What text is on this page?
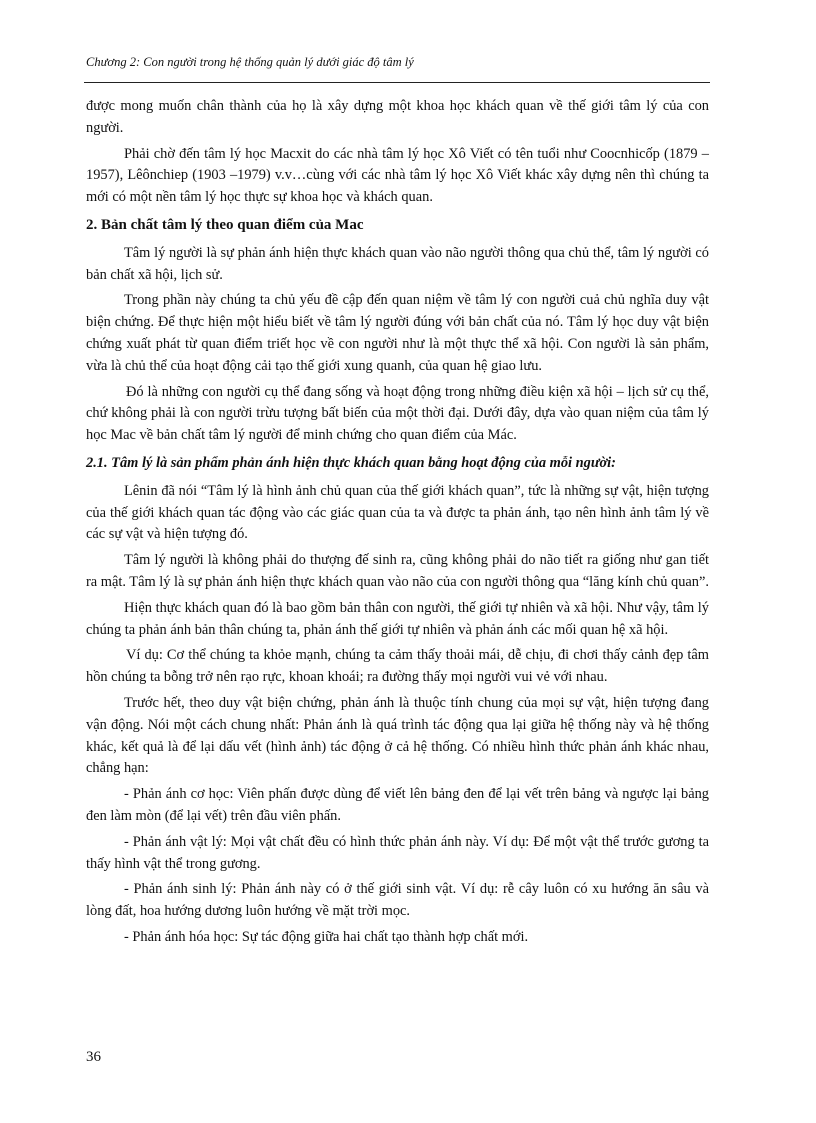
Chương 2: Con người trong hệ thống quản lý dưới giác độ tâm lý

được mong muốn chân thành của họ là xây dựng một khoa học khách quan về thế giới tâm lý của con người.

Phải chờ đến tâm lý học Macxit do các nhà tâm lý học Xô Viết có tên tuổi như Coocnhicốp (1879 –1957), Lêônchiep (1903 –1979) v.v…cùng với các nhà tâm lý học Xô Viết khác xây dựng nên thì chúng ta mới có một nền tâm lý học thực sự khoa học và khách quan.

2. Bản chất tâm lý theo quan điểm của Mac

Tâm lý người là sự phản ánh hiện thực khách quan vào não người thông qua chủ thể, tâm lý người có bản chất xã hội, lịch sử.

Trong phần này chúng ta chủ yếu đề cập đến quan niệm về tâm lý con người cuả chủ nghĩa duy vật biện chứng. Để thực hiện một hiểu biết về tâm lý người đúng với bản chất của nó. Tâm lý học duy vật biện chứng xuất phát từ quan điểm triết học về con người như là một thực thể xã hội. Con người là sản phẩm, vừa là chủ thể của hoạt động cải tạo thế giới xung quanh, của quan hệ giao lưu.

Đó là những con người cụ thể đang sống và hoạt động trong những điều kiện xã hội – lịch sử cụ thể, chứ không phải là con người trừu tượng bất biến của một thời đại. Dưới đây, dựa vào quan niệm của tâm lý học Mac về bản chất tâm lý người để minh chứng cho quan điểm của Mác.

2.1. Tâm lý là sản phẩm phản ánh hiện thực khách quan bằng hoạt động của mỗi người:

Lênin đã nói “Tâm lý là hình ảnh chủ quan của thế giới khách quan”, tức là những sự vật, hiện tượng của thế giới khách quan tác động vào các giác quan của ta và được ta phản ánh, tạo nên hình ảnh tâm lý về các sự vật và hiện tượng đó.

Tâm lý người là không phải do thượng đế sinh ra, cũng không phải do não tiết ra giống như gan tiết ra mật. Tâm lý là sự phản ánh hiện thực khách quan vào não của con người thông qua “lăng kính chủ quan”.

Hiện thực khách quan đó là bao gồm bản thân con người, thế giới tự nhiên và xã hội. Như vậy, tâm lý chúng ta phản ánh bản thân chúng ta, phản ánh thế giới tự nhiên và phản ánh các mối quan hệ xã hội.

Ví dụ: Cơ thể chúng ta khỏe mạnh, chúng ta cảm thấy thoải mái, dễ chịu, đi chơi thấy cảnh đẹp tâm hồn chúng ta bỗng trở nên rạo rực, khoan khoái; ra đường thấy mọi người vui vẻ với nhau.

Trước hết, theo duy vật biện chứng, phản ánh là thuộc tính chung của mọi sự vật, hiện tượng đang vận động. Nói một cách chung nhất: Phản ánh là quá trình tác động qua lại giữa hệ thống này và hệ thống khác, kết quả là để lại dấu vết (hình ảnh) tác động ở cả hệ thống. Có nhiều hình thức phản ánh khác nhau, chẳng hạn:

- Phản ánh cơ học: Viên phấn được dùng để viết lên bảng đen để lại vết trên bảng và ngược lại bảng đen làm mòn (để lại vết) trên đầu viên phấn.

- Phản ánh vật lý: Mọi vật chất đều có hình thức phản ánh này. Ví dụ: Để một vật thể trước gương ta thấy hình vật thể trong gương.

- Phản ánh sinh lý: Phản ánh này có ở thế giới sinh vật. Ví dụ: rễ cây luôn có xu hướng ăn sâu và lòng đất, hoa hướng dương luôn hướng về mặt trời mọc.

- Phản ánh hóa học: Sự tác động giữa hai chất tạo thành hợp chất mới.

36
